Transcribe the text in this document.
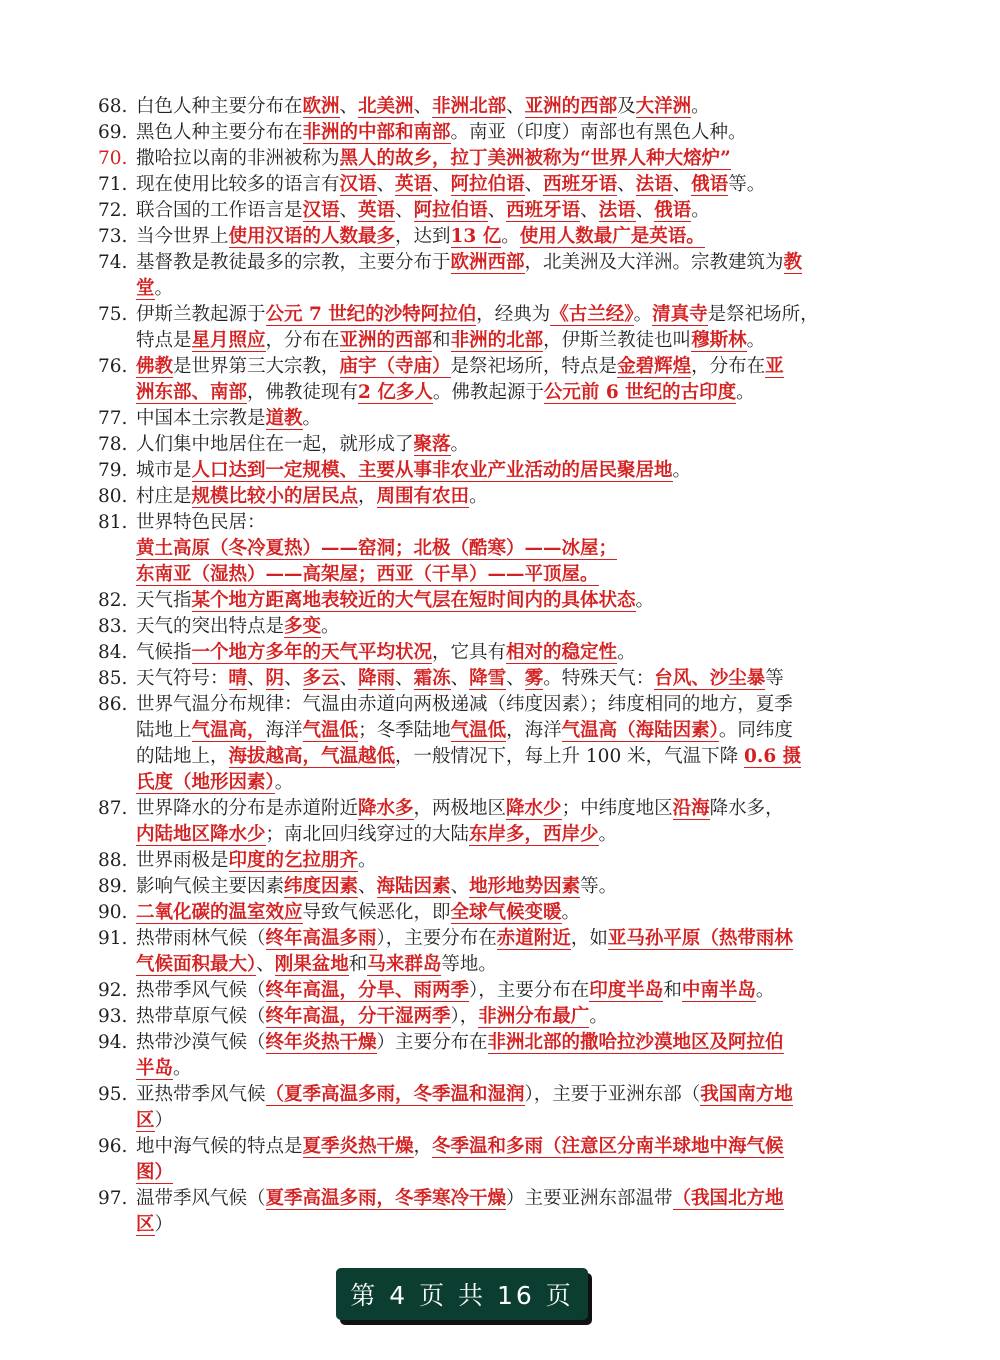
68. 白色人种主要分布在欧洲、北美洲、非洲北部、亚洲的西部及大洋洲。
69. 黑色人种主要分布在非洲的中部和南部。南亚（印度）南部也有黑色人种。
70. 撒哈拉以南的非洲被称为黑人的故乡，拉丁美洲被称为“世界人种大熔炉”
71. 现在使用比较多的语言有汉语、英语、阿拉伯语、西班牙语、法语、俄语等。
72. 联合国的工作语言是汉语、英语、阿拉伯语、西班牙语、法语、俄语。
73. 当今世界上使用汉语的人数最多，达到13 亿。使用人数最广是英语。
74. 基督教是教徒最多的宗教，主要分布于欧洲西部，北美洲及大洋洲。宗教建筑为教
堂。
75. 伊斯兰教起源于公元 7 世纪的沙特阿拉伯，经典为《古兰经》。清真寺是祭祀场所，
特点是星月照应，分布在亚洲的西部和非洲的北部，伊斯兰教徒也叫穆斯林。
76. 佛教是世界第三大宗教，庙宇（寺庙）是祭祀场所，特点是金碧辉煌，分布在亚
洲东部、南部，佛教徒现有2 亿多人。佛教起源于公元前 6 世纪的古印度。
77. 中国本土宗教是道教。
78. 人们集中地居住在一起，就形成了聚落。
79. 城市是人口达到一定规模、主要从事非农业产业活动的居民聚居地。
80. 村庄是规模比较小的居民点，周围有农田。
81. 世界特色民居：
黄土高原（冬冷夏热）——窑洞；北极（酷寒）——冰屋；
东南亚（湿热）——高架屋；西亚（干旱）——平顶屋。
82. 天气指某个地方距离地表较近的大气层在短时间内的具体状态。
83. 天气的突出特点是多变。
84. 气候指一个地方多年的天气平均状况，它具有相对的稳定性。
85. 天气符号：晴、阴、多云、降雨、霜冻、降雪、雾。特殊天气：台风、沙尘暴等
86. 世界气温分布规律：气温由赤道向两极递减（纬度因素）；纬度相同的地方，夏季
陆地上气温高，海洋气温低；冬季陆地气温低，海洋气温高（海陆因素）。同纬度
的陆地上，海拔越高，气温越低，一般情况下，每上升 100 米，气温下降 0.6 摄
氏度（地形因素）。
87. 世界降水的分布是赤道附近降水多，两极地区降水少；中纬度地区沿海降水多，
内陆地区降水少；南北回归线穿过的大陆东岸多，西岸少。
88. 世界雨极是印度的乞拉朋齐。
89. 影响气候主要因素纬度因素、海陆因素、地形地势因素等。
90. 二氧化碳的温室效应导致气候恶化，即全球气候变暖。
91. 热带雨林气候（终年高温多雨），主要分布在赤道附近，如亚马孙平原（热带雨林
气候面积最大）、刚果盆地和马来群岛等地。
92. 热带季风气候（终年高温，分旱、雨两季），主要分布在印度半岛和中南半岛。
93. 热带草原气候（终年高温，分干湿两季），非洲分布最广。
94. 热带沙漠气候（终年炎热干燥）主要分布在非洲北部的撒哈拉沙漠地区及阿拉伯
半岛。
95. 亚热带季风气候（夏季高温多雨，冬季温和湿润），主要于亚洲东部（我国南方地
区）
96. 地中海气候的特点是夏季炎热干燥，冬季温和多雨（注意区分南半球地中海气候
图）
97. 温带季风气候（夏季高温多雨，冬季寒冷干燥）主要亚洲东部温带（我国北方地
区）
第 4 页 共 16 页
